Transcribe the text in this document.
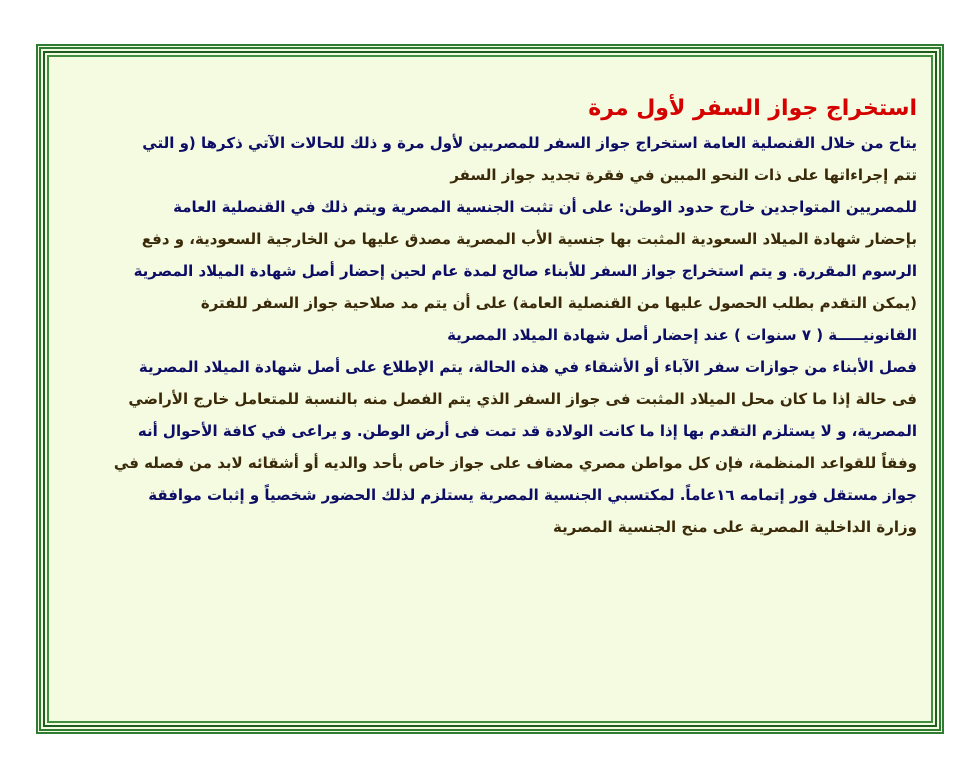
استخراج جواز السفر لأول مرة
يتاح من خلال القنصلية العامة استخراج جواز السفر للمصريين لأول مرة و ذلك للحالات الآتي ذكرها (و التي
تتم إجراءاتها على ذات النحو المبين في فقرة تجديد جواز السفر
للمصريين المتواجدين خارج حدود الوطن: على أن تثبت الجنسية المصرية ويتم ذلك في القنصلية العامة
بإحضار شهادة الميلاد السعودية المثبت بها جنسية الأب المصرية مصدق عليها من الخارجية السعودية، و دفع
الرسوم المقررة. و يتم استخراج جواز السفر للأبناء صالح لمدة عام لحين إحضار أصل شهادة الميلاد المصرية
(يمكن التقدم بطلب الحصول عليها من القنصلية العامة) على أن يتم مد صلاحية جواز السفر للفترة
القانونيـــــة ( ٧ سنوات ) عند إحضار أصل شهادة الميلاد المصرية
فصل الأبناء من جوازات سفر الآباء أو الأشقاء في هذه الحالة، يتم الإطلاع على أصل شهادة الميلاد المصرية
فى حالة إذا ما كان محل الميلاد المثبت فى جواز السفر الذي يتم الفصل منه بالنسبة للمتعامل خارج الأراضي
المصرية، و لا يستلزم التقدم بها إذا ما كانت الولادة قد تمت فى أرض الوطن. و يراعى في كافة الأحوال أنه
وفقاً للقواعد المنظمة، فإن كل مواطن مصري مضاف على جواز خاص بأحد والديه أو أشقائه لابد من فصله في
جواز مستقل فور إتمامه ١٦عاماً. لمكتسبي الجنسية المصرية يستلزم لذلك الحضور شخصياً و إثبات موافقة
وزارة الداخلية المصرية على منح الجنسية المصرية
